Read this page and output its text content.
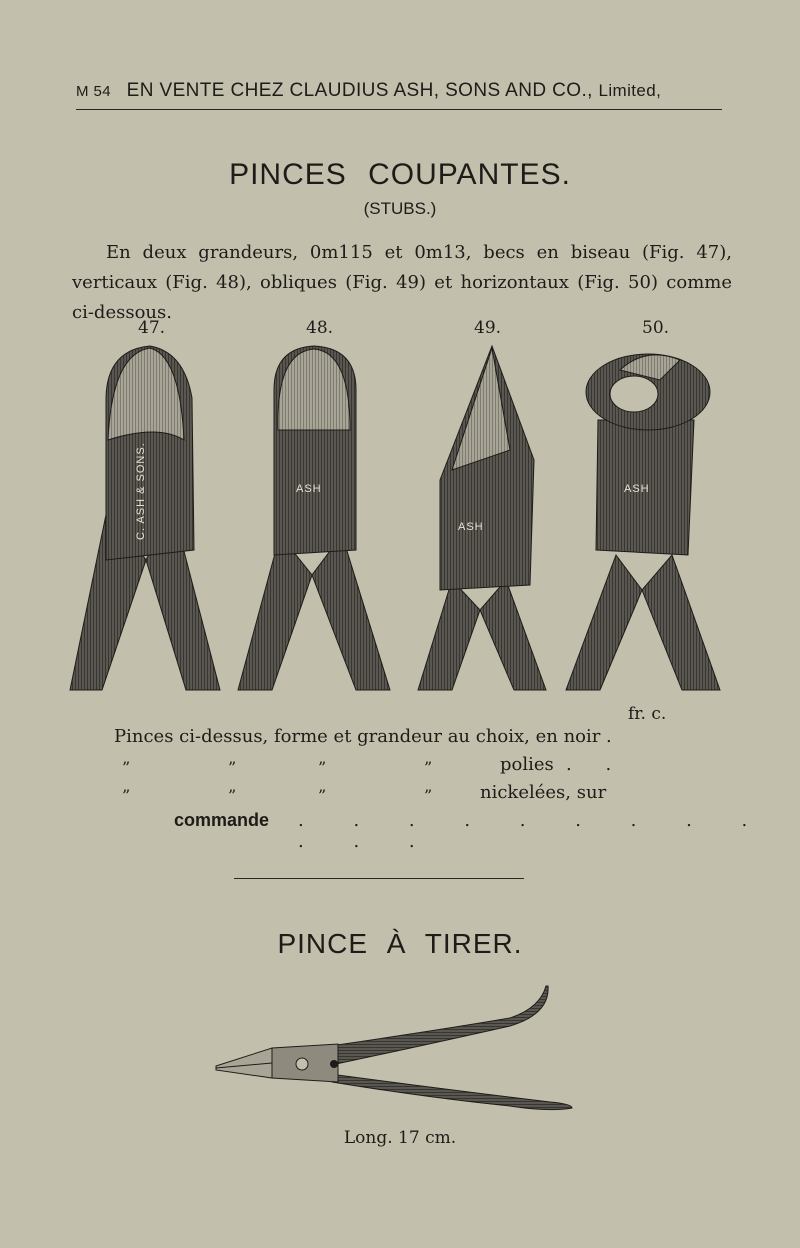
M 54 EN VENTE CHEZ CLAUDIUS ASH, SONS AND CO., Limited,
PINCES COUPANTES.
(STUBS.)
En deux grandeurs, 0m115 et 0m13, becs en biseau (Fig. 47), verticaux (Fig. 48), obliques (Fig. 49) et horizontaux (Fig. 50) comme ci-dessous.
47.	48.	49.	50.
C. ASH & SONS.	ASH
ASH
ASH
fr. c.
Pinces ci-dessus, forme et grandeur au choix, en noir .
”	”	”	”	polies . .
”	”	”	”	nickelées, sur
commande . . . . . . . . . . . .
PINCE À TIRER.
Long. 17 cm.
